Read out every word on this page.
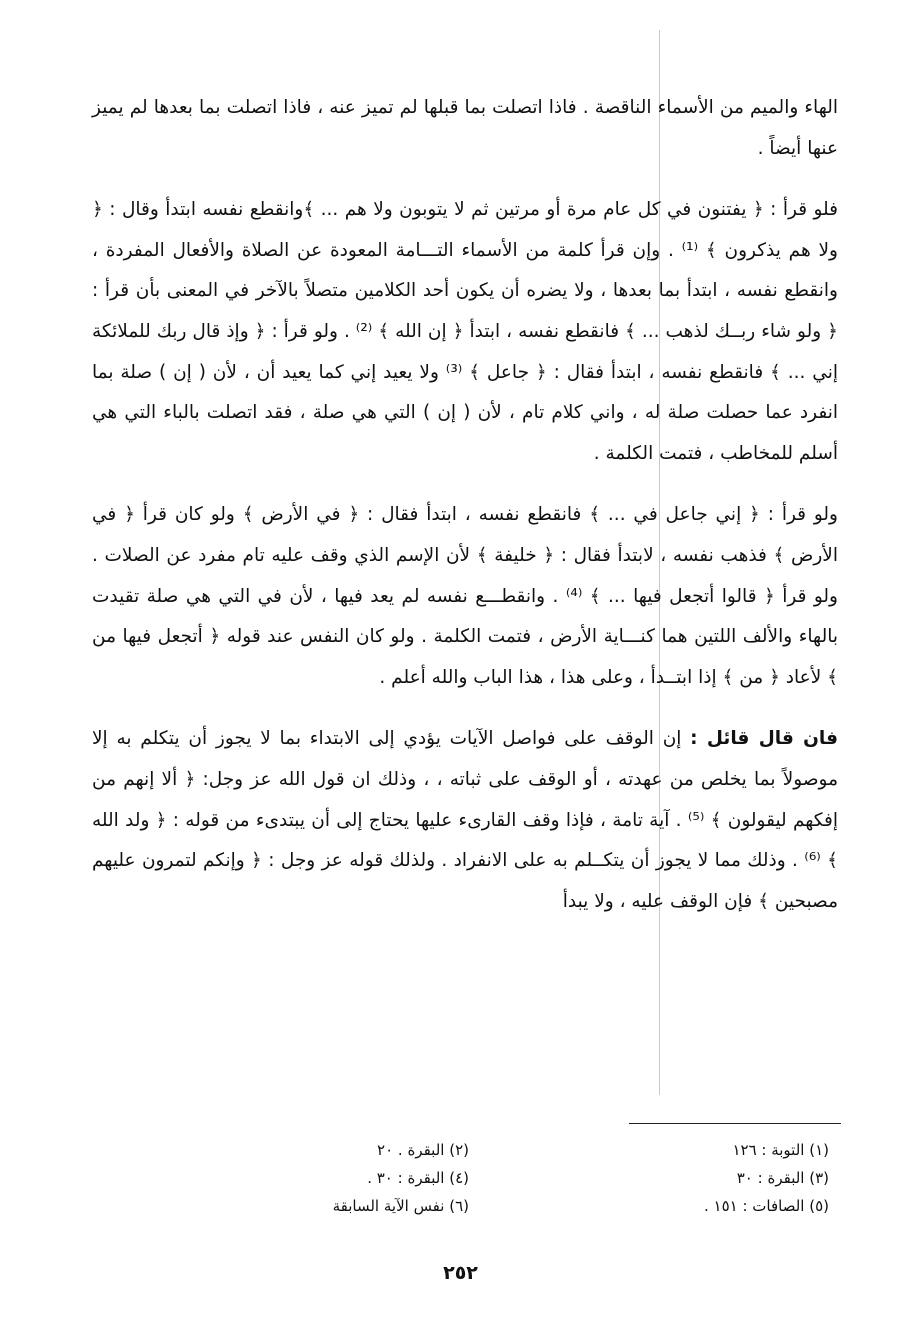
الهاء والميم من الأسماء الناقصة . فاذا اتصلت بما قبلها لم تميز عنه ، فاذا اتصلت بما بعدها لم يميز عنها أيضاً .

فلو قرأ : ﴿ يفتنون في كل عام مرة أو مرتين ثم لا يتوبون ولا هم ... ﴾وانقطع نفسه ابتدأ وقال : ﴿ ولا هم يذكرون ﴾ ⁽¹⁾ . وإن قرأ كلمة من الأسماء التـــامة المعودة عن الصلاة والأفعال المفردة ، وانقطع نفسه ، ابتدأ بما بعدها ، ولا يضره أن يكون أحد الكلامين متصلاً بالآخر في المعنى بأن قرأ : ﴿ ولو شاء ربــك لذهب ... ﴾ فانقطع نفسه ، ابتدأ ﴿ إن الله ﴾ ⁽²⁾ . ولو قرأ : ﴿ وإذ قال ربك للملائكة إني ... ﴾ فانقطع نفسه ، ابتدأ فقال : ﴿ جاعل ﴾ ⁽³⁾ ولا يعيد إني كما يعيد أن ، لأن ( إن ) صلة بما انفرد عما حصلت صلة له ، واني كلام تام ، لأن ( إن ) التي هي صلة ، فقد اتصلت بالباء التي هي أسلم للمخاطب ، فتمت الكلمة .

ولو قرأ : ﴿ إني جاعل في ... ﴾ فانقطع نفسه ، ابتدأ فقال : ﴿ في الأرض ﴾ ولو كان قرأ ﴿ في الأرض ﴾ فذهب نفسه ، لابتدأ فقال : ﴿ خليفة ﴾ لأن الإسم الذي وقف عليه تام مفرد عن الصلات . ولو قرأ ﴿ قالوا أتجعل فيها ... ﴾ ⁽⁴⁾ . وانقطـــع نفسه لم يعد فيها ، لأن في التي هي صلة تقيدت بالهاء والألف اللتين هما كنـــاية الأرض ، فتمت الكلمة . ولو كان النفس عند قوله ﴿ أتجعل فيها من ﴾ لأعاد ﴿ من ﴾ إذا ابتــدأ ، وعلى هذا ، هذا الباب والله أعلم .

فان قال قائل : إن الوقف على فواصل الآيات يؤدي إلى الابتداء بما لا يجوز أن يتكلم به إلا موصولاً بما يخلص من عهدته ، أو الوقف على ثباته ، ، وذلك ان قول الله عز وجل: ﴿ ألا إنهم من إفكهم ليقولون ﴾ ⁽⁵⁾ . آية تامة ، فإذا وقف القارىء عليها يحتاج إلى أن يبتدىء من قوله : ﴿ ولد الله ﴾ ⁽⁶⁾ . وذلك مما لا يجوز أن يتكــلم به على الانفراد . ولذلك قوله عز وجل : ﴿ وإنكم لتمرون عليهم مصبحين ﴾ فإن الوقف عليه ، ولا يبدأ

(١) التوبة : ١٢٦
(٢) البقرة . ٢٠
(٣) البقرة : ٣٠
(٤) البقرة : ٣٠ .
(٥) الصافات : ١٥١ .
(٦) نفس الآية السابقة
٢٥٢
